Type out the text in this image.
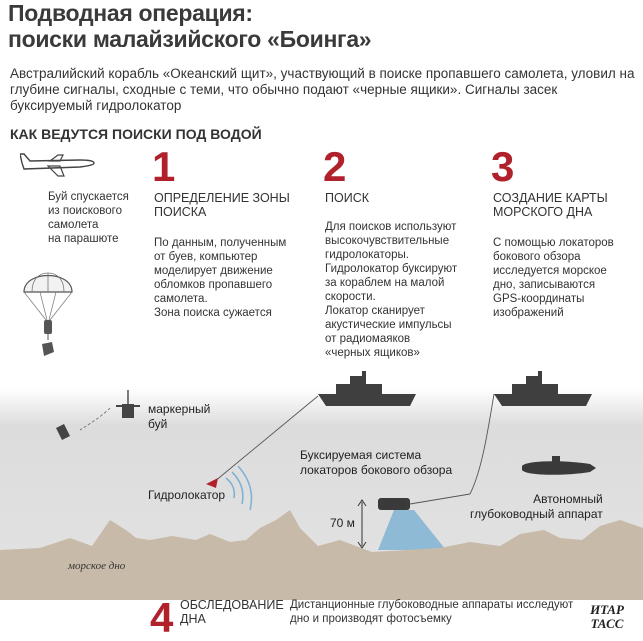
Подводная операция:
поиски малайзийского «Боинга»
Австралийский корабль «Океанский щит», участвующий в поиске пропавшего самолета, уловил на глубине сигналы, сходные с теми, что обычно подают «черные ящики». Сигналы засек буксируемый гидролокатор
КАК ВЕДУТСЯ ПОИСКИ ПОД ВОДОЙ
Буй спускается
из поискового
самолета
на парашюте
1
ОПРЕДЕЛЕНИЕ ЗОНЫ
ПОИСКА
По данным, полученным
от буев, компьютер
моделирует движение
обломков пропавшего
самолета.
Зона поиска сужается
2
ПОИСК
Для поисков используют
высокочувствительные
гидролокаторы.
Гидролокатор буксируют
за кораблем на малой
скорости.
Локатор сканирует
акустические импульсы
от радиомаяков
«черных ящиков»
3
СОЗДАНИЕ КАРТЫ
МОРСКОГО ДНА
С помощью локаторов
бокового обзора
исследуется морское
дно, записываются
GPS-координаты
изображений
маркерный
буй
Буксируемая система
локаторов бокового обзора
Гидролокатор
70 м
Автономный
глубоководный аппарат
морское дно
4 ОБСЛЕДОВАНИЕ
ДНА
Дистанционные глубоководные аппараты исследуют
дно и производят фотосъемку
ИТАР
ТАСС
